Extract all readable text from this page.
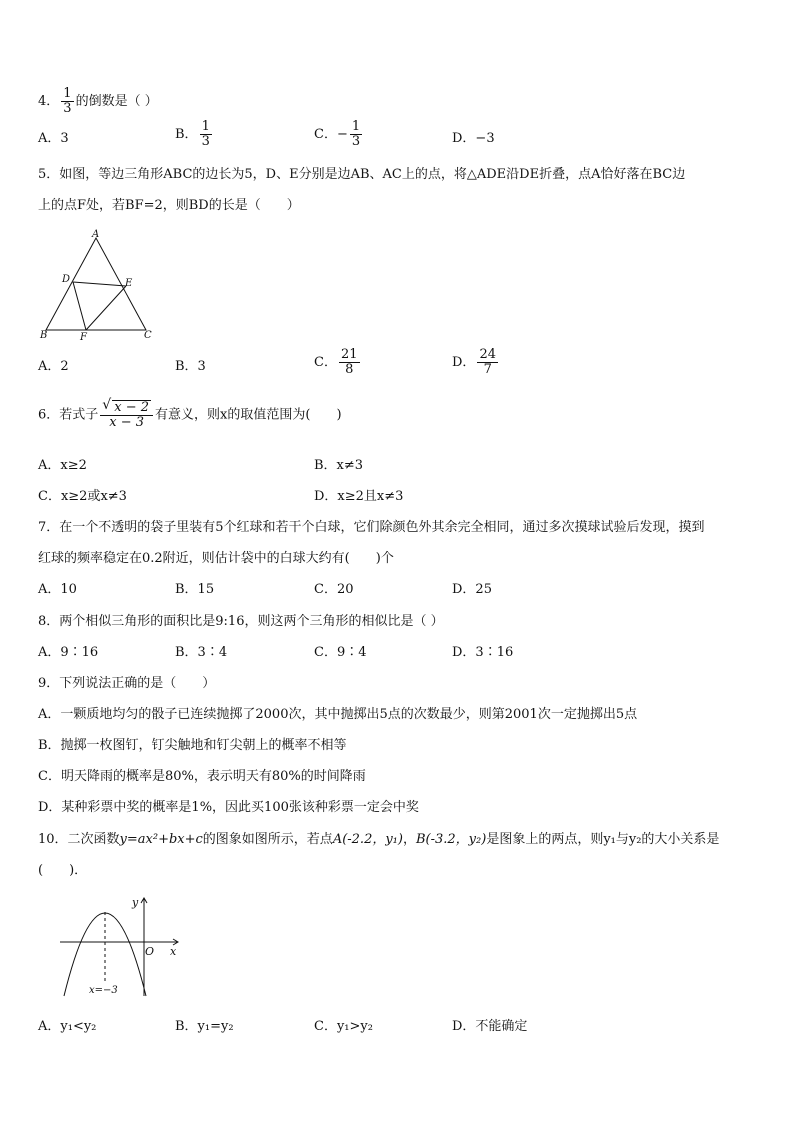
4． $\frac{1}{3}$ 的倒数是（ ）
A．3	B． $\frac{1}{3}$	C．− $\frac{1}{3}$	D．−3
5．如图，等边三角形ABC的边长为5，D、E分别是边AB、AC上的点，将△ADE沿DE折叠，点A恰好落在BC边
上的点F处，若BF=2，则BD的长是（　　）
A
B	C
D	E
F
A．2	B．3	C． $\frac{21}{8}$	D． $\frac{24}{7}$
6．若式子
√ $\frac{x - 2}{x - 3}$ 有意义，则x的取值范围为(　　)
A．x≥2	B．x≠3
C．x≥2或x≠3	D．x≥2且x≠3
7．在一个不透明的袋子里装有5个红球和若干个白球，它们除颜色外其余完全相同，通过多次摸球试验后发现，摸到
红球的频率稳定在0.2附近，则估计袋中的白球大约有(　　)个
A．10	B．15	C．20	D．25
8．两个相似三角形的面积比是9:16，则这两个三角形的相似比是（ ）
A．9∶16	B．3∶4	C．9∶4	D．3∶16
9．下列说法正确的是（　　）
A．一颗质地均匀的骰子已连续抛掷了2000次，其中抛掷出5点的次数最少，则第2001次一定抛掷出5点
B．抛掷一枚图钉，钉尖触地和钉尖朝上的概率不相等
C．明天降雨的概率是80%，表示明天有80%的时间降雨
D．某种彩票中奖的概率是1%，因此买100张该种彩票一定会中奖
10．二次函数y=ax²+bx+c的图象如图所示，若点A(-2.2，y₁)，B(-3.2，y₂)是图象上的两点，则y₁与y₂的大小关系是
(　　)．
y
x
O
x=−3
A．y₁<y₂	B．y₁=y₂	C．y₁>y₂	D．不能确定
